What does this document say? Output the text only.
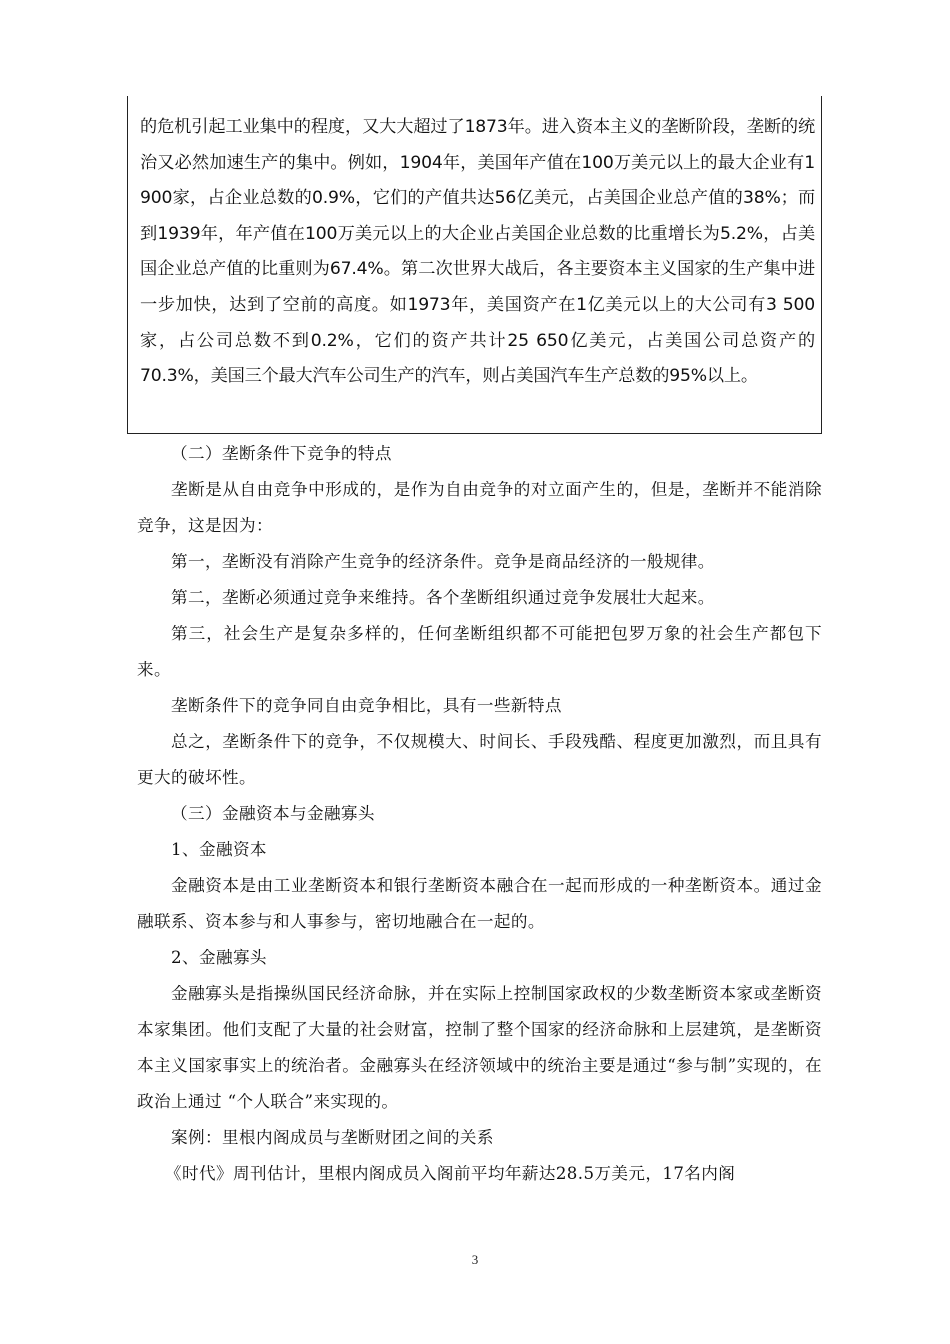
的危机引起工业集中的程度，又大大超过了1873年。进入资本主义的垄断阶段，垄断的统治又必然加速生产的集中。例如，1904年，美国年产值在100万美元以上的最大企业有1 900家，占企业总数的0.9%，它们的产值共达56亿美元，占美国企业总产值的38%；而到1939年，年产值在100万美元以上的大企业占美国企业总数的比重增长为5.2%，占美国企业总产值的比重则为67.4%。第二次世界大战后，各主要资本主义国家的生产集中进一步加快，达到了空前的高度。如1973年，美国资产在1亿美元以上的大公司有3 500家，占公司总数不到0.2%，它们的资产共计25 650亿美元，占美国公司总资产的70.3%，美国三个最大汽车公司生产的汽车，则占美国汽车生产总数的95%以上。

（二）垄断条件下竞争的特点

垄断是从自由竞争中形成的，是作为自由竞争的对立面产生的，但是，垄断并不能消除竞争，这是因为：

第一，垄断没有消除产生竞争的经济条件。竞争是商品经济的一般规律。

第二，垄断必须通过竞争来维持。各个垄断组织通过竞争发展壮大起来。

第三，社会生产是复杂多样的，任何垄断组织都不可能把包罗万象的社会生产都包下来。

垄断条件下的竞争同自由竞争相比，具有一些新特点

总之，垄断条件下的竞争，不仅规模大、时间长、手段残酷、程度更加激烈，而且具有更大的破坏性。

（三）金融资本与金融寡头

1、金融资本

金融资本是由工业垄断资本和银行垄断资本融合在一起而形成的一种垄断资本。通过金融联系、资本参与和人事参与，密切地融合在一起的。

2、金融寡头

金融寡头是指操纵国民经济命脉，并在实际上控制国家政权的少数垄断资本家或垄断资本家集团。他们支配了大量的社会财富，控制了整个国家的经济命脉和上层建筑，是垄断资本主义国家事实上的统治者。金融寡头在经济领域中的统治主要是通过“参与制”实现的，在政治上通过 “个人联合”来实现的。

案例：里根内阁成员与垄断财团之间的关系

《时代》周刊估计，里根内阁成员入阁前平均年薪达28.5万美元，17名内阁

3
